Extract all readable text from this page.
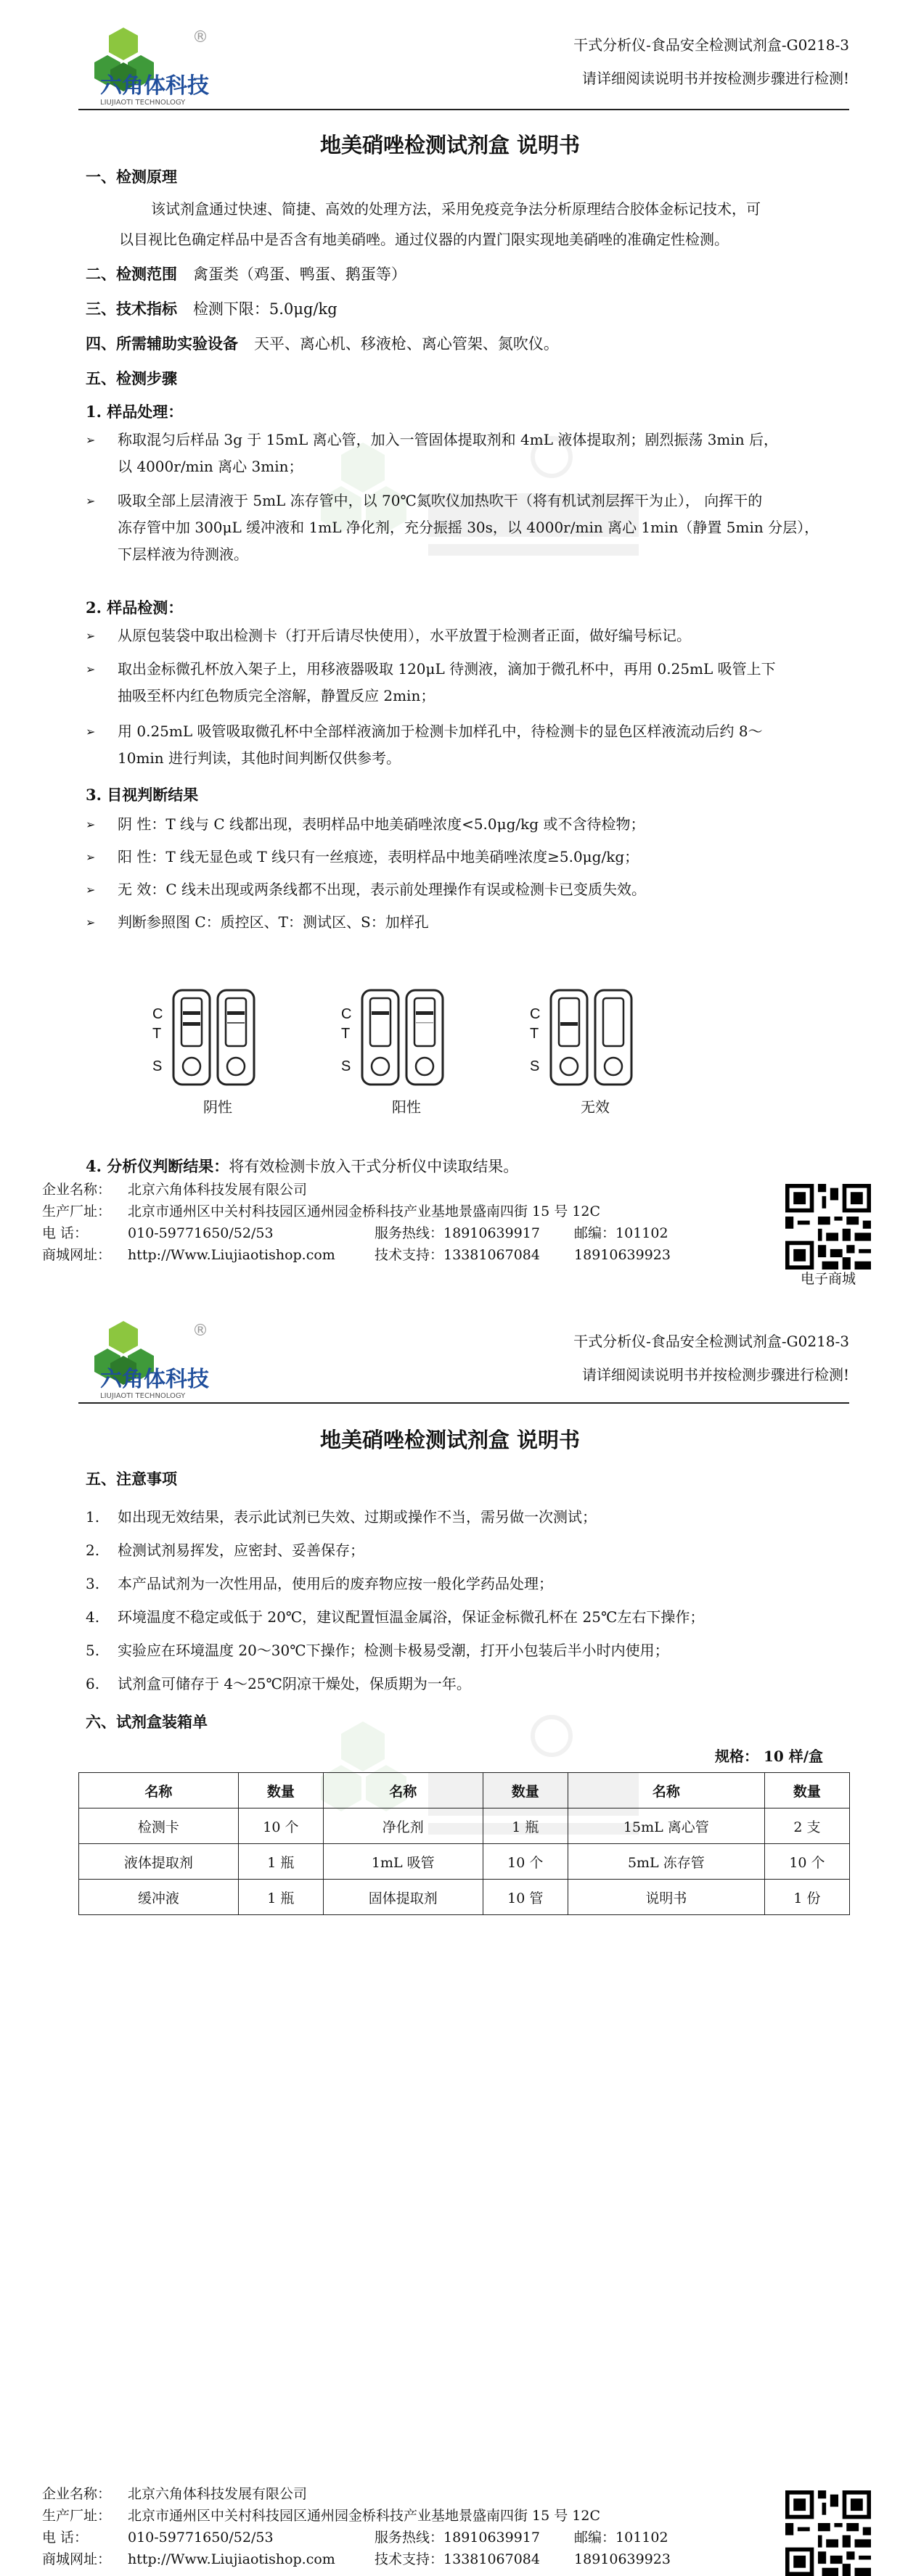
®
六角体科技
LIUJIAOTI TECHNOLOGY
干式分析仪-食品安全检测试剂盒-G0218-3
请详细阅读说明书并按检测步骤进行检测!
地美硝唑检测试剂盒 说明书
一、检测原理
该试剂盒通过快速、简捷、高效的处理方法，采用免疫竞争法分析原理结合胶体金标记技术，可
以目视比色确定样品中是否含有地美硝唑。通过仪器的内置门限实现地美硝唑的准确定性检测。
二、检测范围 禽蛋类（鸡蛋、鸭蛋、鹅蛋等）
三、技术指标 检测下限：5.0μg/kg
四、所需辅助实验设备 天平、离心机、移液枪、离心管架、氮吹仪。
五、检测步骤
1. 样品处理：
➢ 称取混匀后样品 3g 于 15mL 离心管，加入一管固体提取剂和 4mL 液体提取剂；剧烈振荡 3min 后，
以 4000r/min 离心 3min；
➢ 吸取全部上层清液于 5mL 冻存管中，以 70℃氮吹仪加热吹干（将有机试剂层挥干为止）， 向挥干的
冻存管中加 300μL 缓冲液和 1mL 净化剂，充分振摇 30s，以 4000r/min 离心 1min（静置 5min 分层），
下层样液为待测液。
2. 样品检测：
➢ 从原包装袋中取出检测卡（打开后请尽快使用），水平放置于检测者正面，做好编号标记。
➢ 取出金标微孔杯放入架子上，用移液器吸取 120μL 待测液，滴加于微孔杯中，再用 0.25mL 吸管上下
抽吸至杯内红色物质完全溶解，静置反应 2min；
➢ 用 0.25mL 吸管吸取微孔杯中全部样液滴加于检测卡加样孔中，待检测卡的显色区样液流动后约 8～
10min 进行判读，其他时间判断仅供参考。
3. 目视判断结果
➢ 阴 性：T 线与 C 线都出现，表明样品中地美硝唑浓度<5.0μg/kg 或不含待检物；
➢ 阳 性：T 线无显色或 T 线只有一丝痕迹，表明样品中地美硝唑浓度≥5.0μg/kg；
➢ 无 效：C 线未出现或两条线都不出现，表示前处理操作有误或检测卡已变质失效。
➢ 判断参照图 C：质控区、T：测试区、S：加样孔
C
T
S
阴性
C
T
S
阳性
C
T
S
无效
4. 分析仪判断结果：将有效检测卡放入干式分析仪中读取结果。
企业名称： 北京六角体科技发展有限公司
生产厂址： 北京市通州区中关村科技园区通州园金桥科技产业基地景盛南四街 15 号 12C
电 话：	010-59771650/52/53	服务热线：18910639917 邮编：101102
商城网址： http://Www.Liujiaotishop.com	技术支持：13381067084 18910639923
电子商城
®
六角体科技
LIUJIAOTI TECHNOLOGY
干式分析仪-食品安全检测试剂盒-G0218-3
请详细阅读说明书并按检测步骤进行检测!
地美硝唑检测试剂盒 说明书
五、注意事项
1. 如出现无效结果，表示此试剂已失效、过期或操作不当，需另做一次测试；
2. 检测试剂易挥发，应密封、妥善保存；
3. 本产品试剂为一次性用品，使用后的废弃物应按一般化学药品处理；
4. 环境温度不稳定或低于 20℃，建议配置恒温金属浴，保证金标微孔杯在 25℃左右下操作；
5. 实验应在环境温度 20～30℃下操作；检测卡极易受潮，打开小包装后半小时内使用；
6. 试剂盒可储存于 4～25℃阴凉干燥处，保质期为一年。
六、试剂盒装箱单
规格： 10 样/盒
名称	数量	名称	数量	名称	数量
检测卡	10 个	净化剂	1 瓶	15mL 离心管	2 支
液体提取剂	1 瓶	1mL 吸管	10 个	5mL 冻存管	10 个
缓冲液	1 瓶	固体提取剂	10 管	说明书	1 份
企业名称： 北京六角体科技发展有限公司
生产厂址： 北京市通州区中关村科技园区通州园金桥科技产业基地景盛南四街 15 号 12C
电 话：	010-59771650/52/53	服务热线：18910639917 邮编：101102
商城网址： http://Www.Liujiaotishop.com	技术支持：13381067084 18910639923
